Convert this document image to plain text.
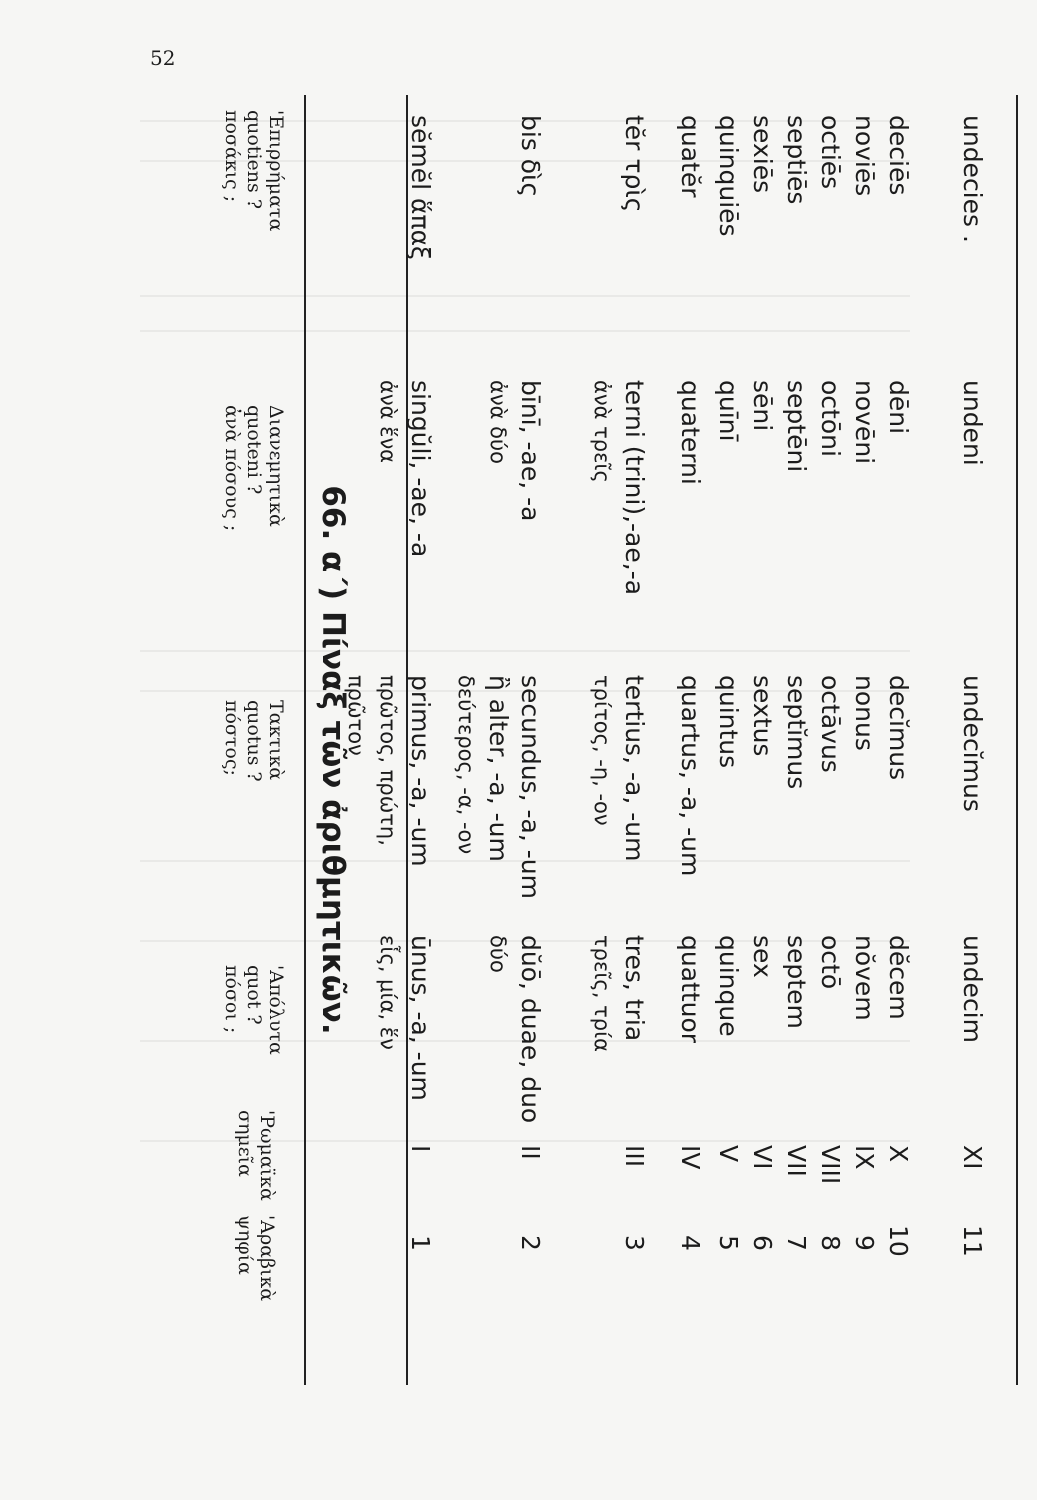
52
66. α΄) Πίναξ τῶν ἀριθμητικῶν.
'Αραβικὰ
ψηφία
'Ρωμαϊκὰ
σημεῖα
'Απόλυτα
quot ?
πόσοι ;
Τακτικὰ
quotus ?
πόστος;
Διανεμητικὰ
quoteni ?
ἀνὰ πόσους ;
'Επιρρήματα
quotiens ?
ποσάκις ;
1
I
ūnus, -a, -um
εἷς, μία, ἕν
primus, -a, -um
πρῶτος, πρώτη,
πρῶτον
singŭli, -ae, -a
ἀνὰ ἕνα
sĕmĕl ἅπαξ
2
II
dŭō, duae, duo
δύο
secundus, -a, -um
ἢ alter, -a, -um
δεύτερος, -α, -ον
bīnī, -ae, -a
ἀνὰ δύο
bis δὶς
3
III
tres, tria
τρεῖς, τρία
tertius, -a, -um
τρίτος, -η, -ον
terni (trini),-ae,-a
ἀνὰ τρεῖς
tĕr τρὶς
4
IV
quattuor
quartus, -a, -um
quaterni
quatĕr
5
V
quinque
quintus
quīnī
quinquiēs
6
VI
sex
sextus
sēni
sexiēs
7
VII
septem
septĭmus
septēni
septiēs
8
VIII
octō
octāvus
octōni
octiēs
9
IX
nŏvem
nonus
novēni
noviēs
10
X
dĕcem
decĭmus
dēni
deciēs
11
XI
undecim
undecĭmus
undeni
undecies .
